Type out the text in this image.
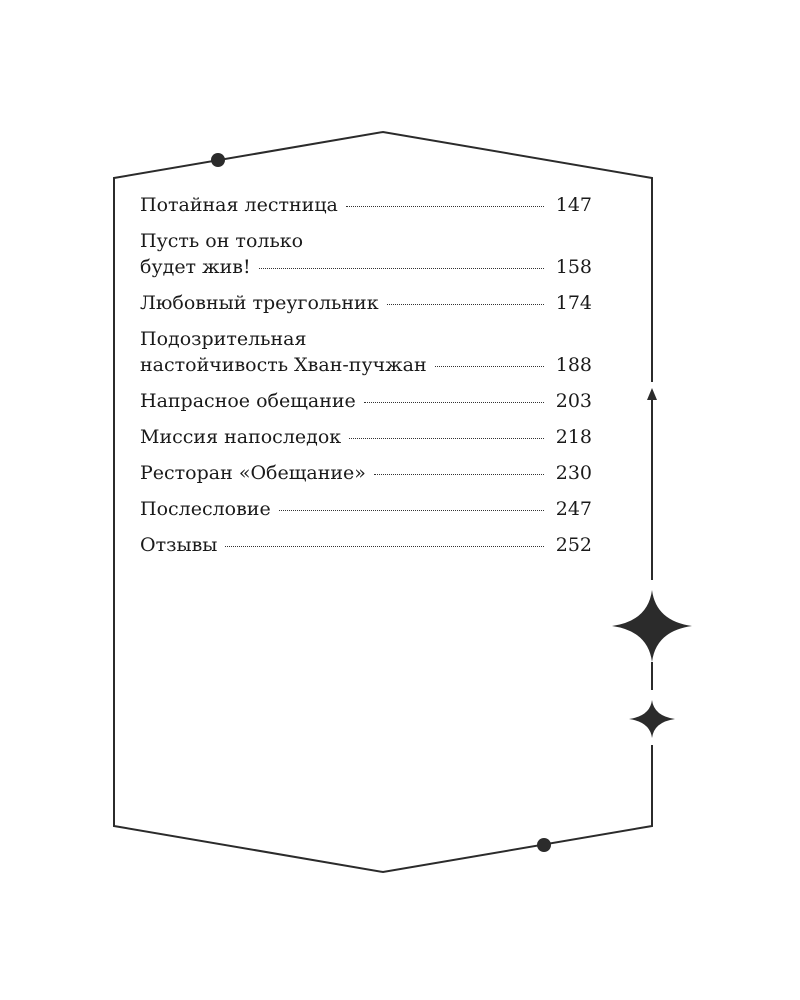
Потайная лестница	147
Пусть он только
будет жив!	158
Любовный треугольник	174
Подозрительная
настойчивость Хван-пучжан	188
Напрасное обещание	203
Миссия напоследок	218
Ресторан «Обещание»	230
Послесловие	247
Отзывы	252
